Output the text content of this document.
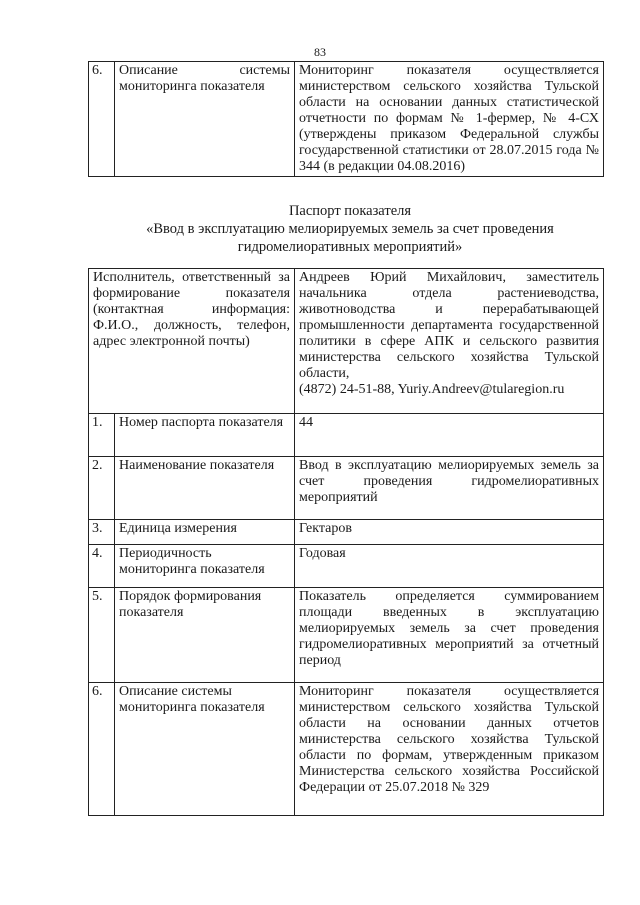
83
6.	Описание системы мониторинга показателя	Мониторинг показателя осуществляется министерством сельского хозяйства Тульской области на основании данных статистической отчетности по формам № 1-фермер, № 4-СХ (утверждены приказом Федеральной службы государственной статистики от 28.07.2015 года № 344 (в редакции 04.08.2016)
Паспорт показателя
«Ввод в эксплуатацию мелиорируемых земель за счет проведения
гидромелиоративных мероприятий»
Исполнитель, ответственный за формирование показателя (контактная информация: Ф.И.О., должность, телефон, адрес электронной почты)		Андреев Юрий Михайлович, заместитель начальника отдела растениеводства, животноводства и перерабатывающей промышленности департамента государственной политики в сфере АПК и сельского развития министерства сельского хозяйства Тульской области,
(4872) 24-51-88, Yuriy.Andreev@tularegion.ru

1.	Номер паспорта показателя	44
2.	Наименование показателя	Ввод в эксплуатацию мелиорируемых земель за счет проведения гидромелиоративных мероприятий
3.	Единица измерения	Гектаров
4.	Периодичность мониторинга показателя	Годовая
5.	Порядок формирования показателя	Показатель определяется суммированием площади введенных в эксплуатацию мелиорируемых земель за счет проведения гидромелиоративных мероприятий за отчетный период
6.	Описание системы мониторинга показателя	Мониторинг показателя осуществляется министерством сельского хозяйства Тульской области на основании данных отчетов министерства сельского хозяйства Тульской области по формам, утвержденным приказом Министерства сельского хозяйства Российской Федерации от 25.07.2018 № 329
